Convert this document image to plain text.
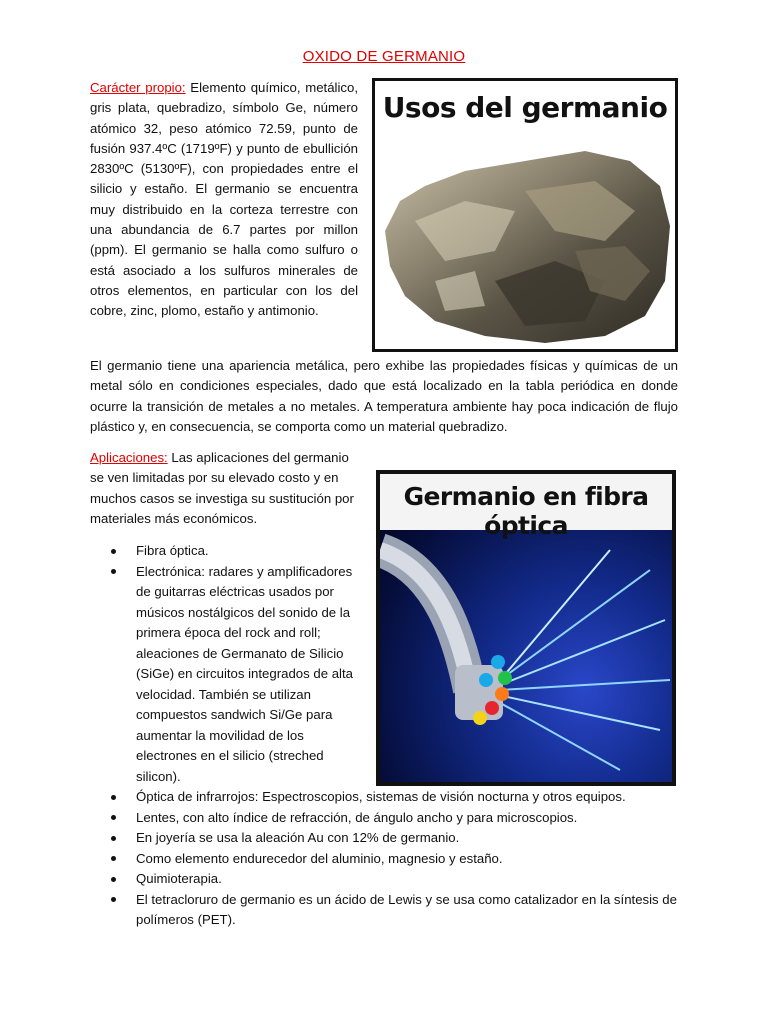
OXIDO DE GERMANIO

Carácter propio: Elemento químico, metálico, gris plata, quebradizo, símbolo Ge, número atómico 32, peso atómico 72.59, punto de fusión 937.4ºC (1719ºF) y punto de ebullición 2830ºC (5130ºF), con propiedades entre el silicio y estaño. El germanio se encuentra muy distribuido en la corteza terrestre con una abundancia de 6.7 partes por millon (ppm). El germanio se halla como sulfuro o está asociado a los sulfuros minerales de otros elementos, en particular con los del cobre, zinc, plomo, estaño y antimonio.

Usos del germanio

El germanio tiene una apariencia metálica, pero exhibe las propiedades físicas y químicas de un metal sólo en condiciones especiales, dado que está localizado en la tabla periódica en donde ocurre la transición de metales a no metales. A temperatura ambiente hay poca indicación de flujo plástico y, en consecuencia, se comporta como un material quebradizo.

Aplicaciones: Las aplicaciones del germanio se ven limitadas por su elevado costo y en muchos casos se investiga su sustitución por materiales más económicos.

Fibra óptica.
Electrónica: radares y amplificadores de guitarras eléctricas usados por músicos nostálgicos del sonido de la primera época del rock and roll; aleaciones de Germanato de Silicio (SiGe) en circuitos integrados de alta velocidad. También se utilizan compuestos sandwich Si/Ge para aumentar la movilidad de los electrones en el silicio (streched silicon).
Germanio en fibra óptica
Óptica de infrarrojos: Espectroscopios, sistemas de visión nocturna y otros equipos.
Lentes, con alto índice de refracción, de ángulo ancho y para microscopios.
En joyería se usa la aleación Au con 12% de germanio.
Como elemento endurecedor del aluminio, magnesio y estaño.
Quimioterapia.
El tetracloruro de germanio es un ácido de Lewis y se usa como catalizador en la síntesis de polímeros (PET).
